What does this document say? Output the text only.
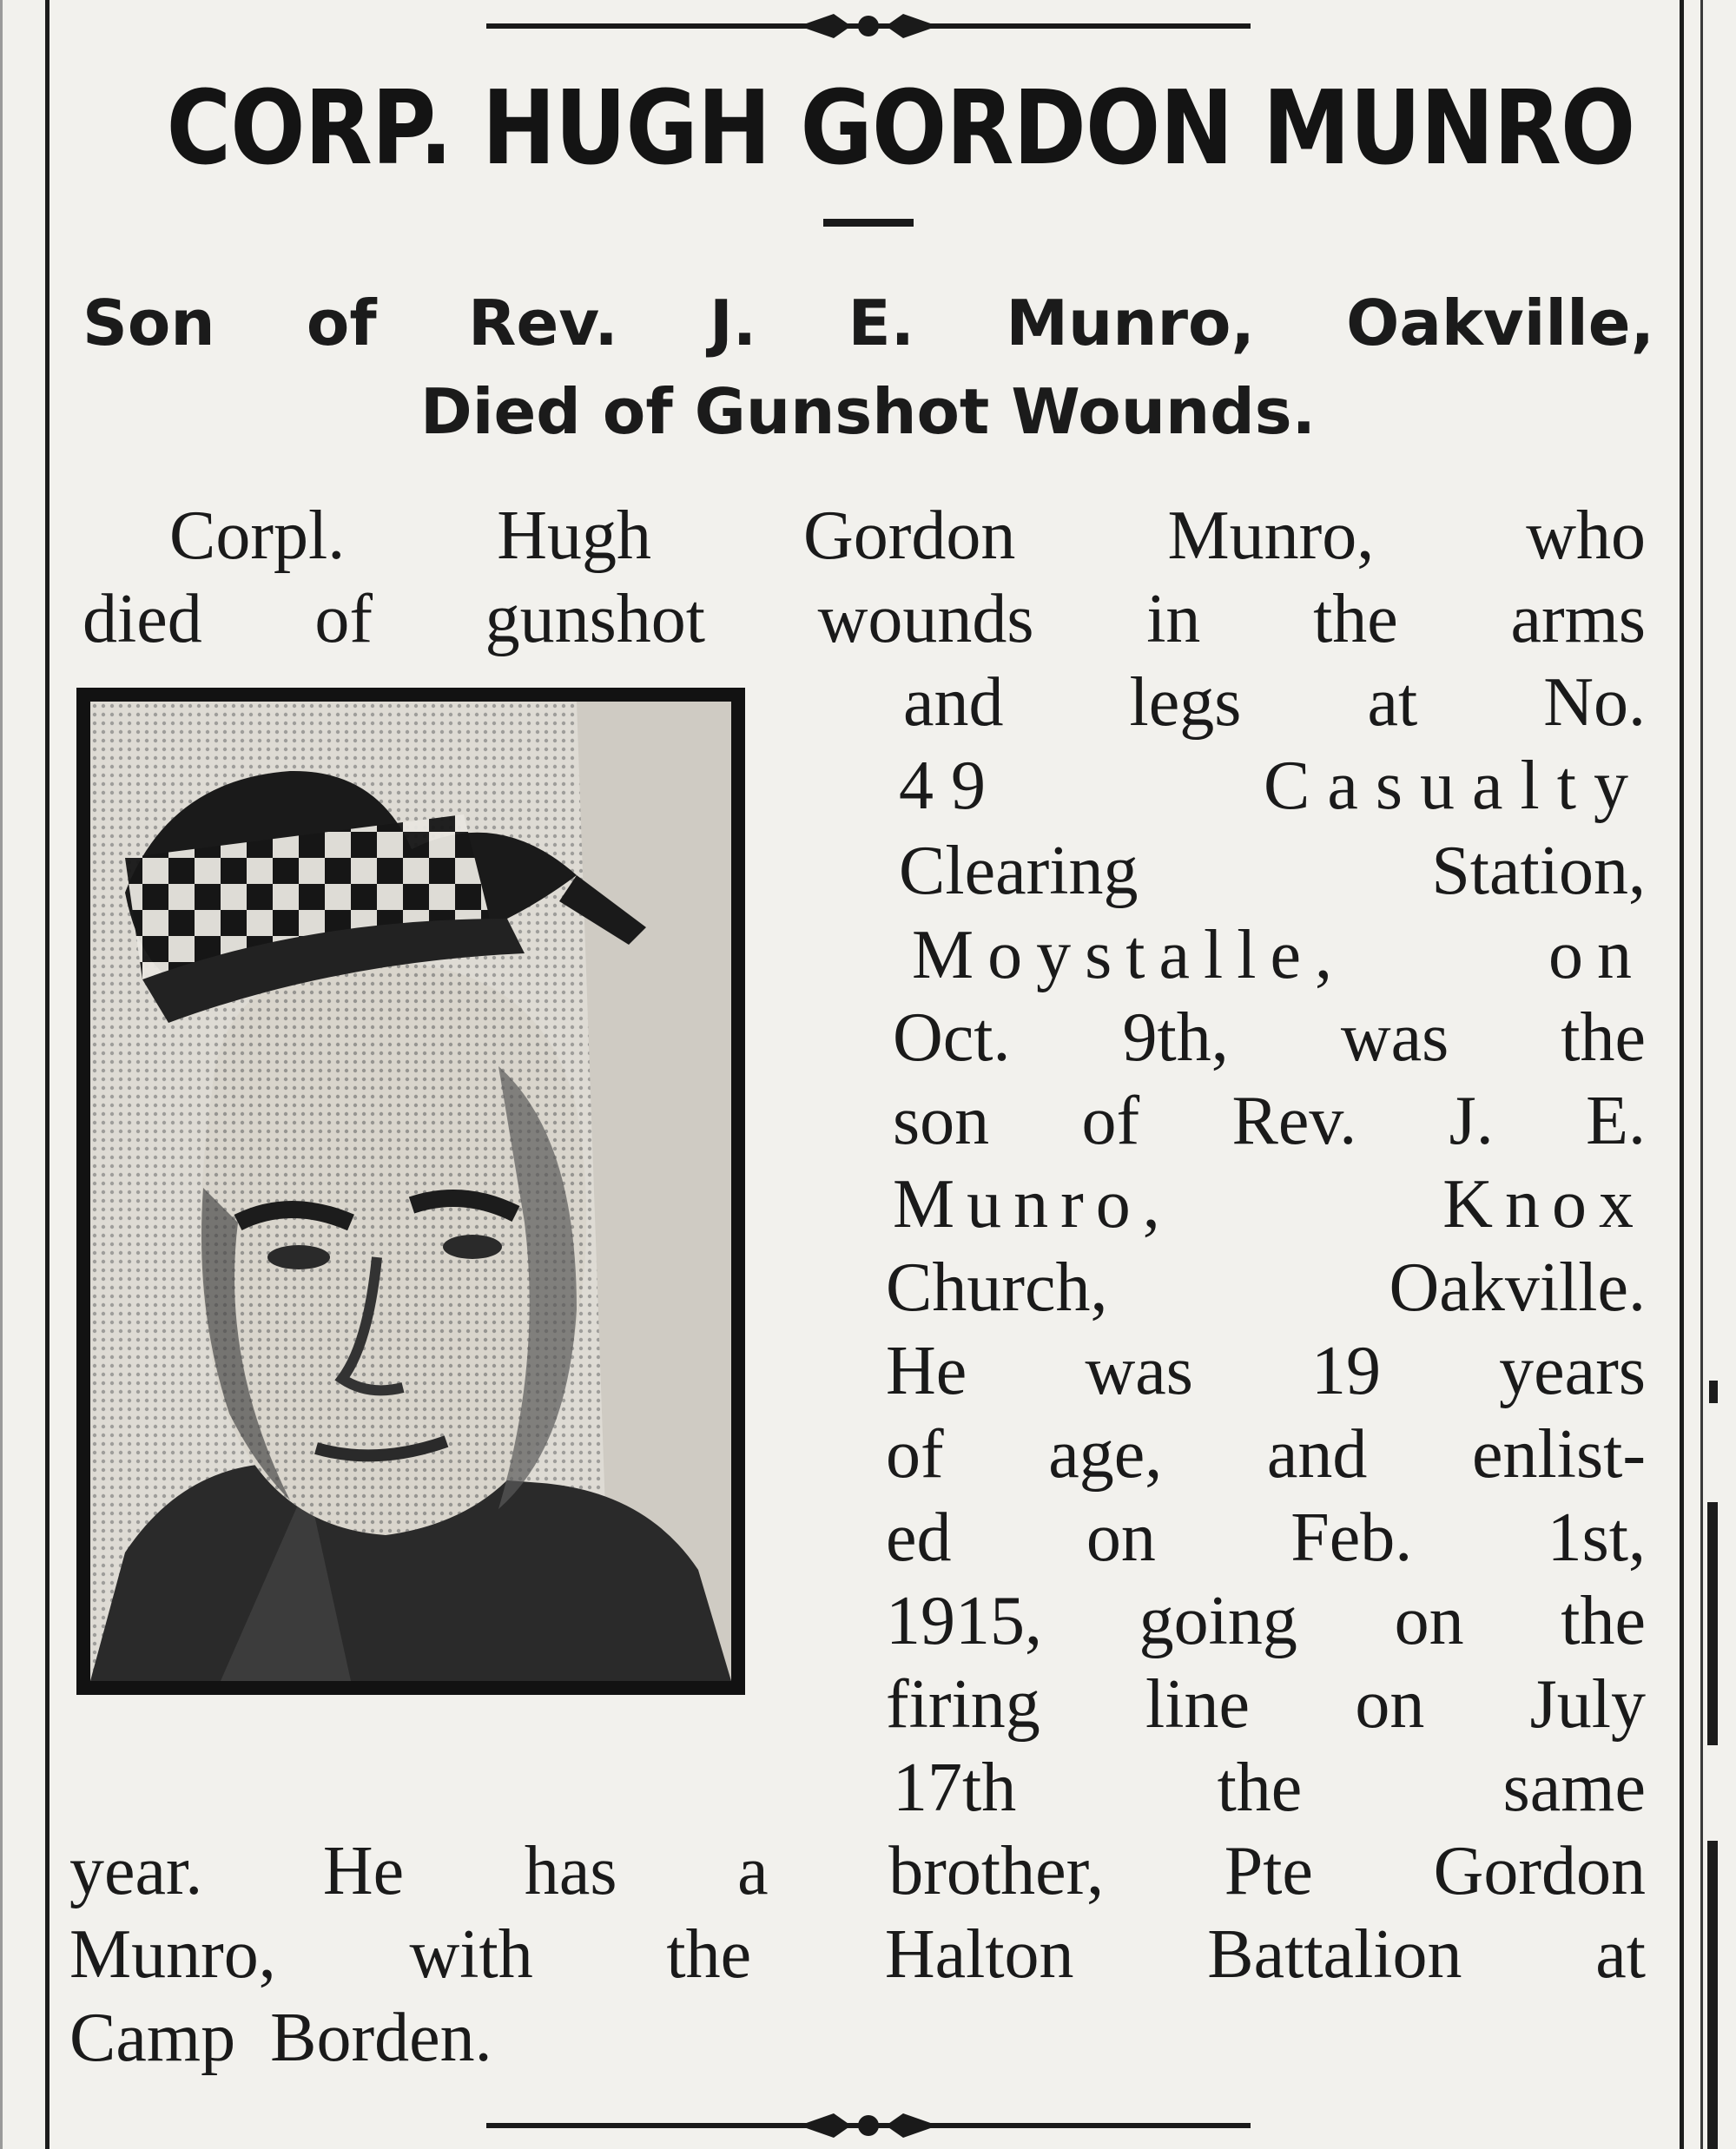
CORP. HUGH GORDON MUNRO
Son of Rev. J. E. Munro, Oakville,
Died of Gunshot Wounds.
Corpl. Hugh Gordon Munro, who
died of gunshot wounds in the arms
and legs at No.
49	Casualty
Clearing	Station,
Moystalle,	on
Oct. 9th, was the
son of Rev. J. E.
Munro,	Knox
Church,	Oakville.
He was 19 years
of age, and enlist-
ed on Feb. 1st,
1915, going on the
firing line on July
17th	the	same
year. He has a brother, Pte Gordon
Munro, with the Halton Battalion at
Camp Borden.
